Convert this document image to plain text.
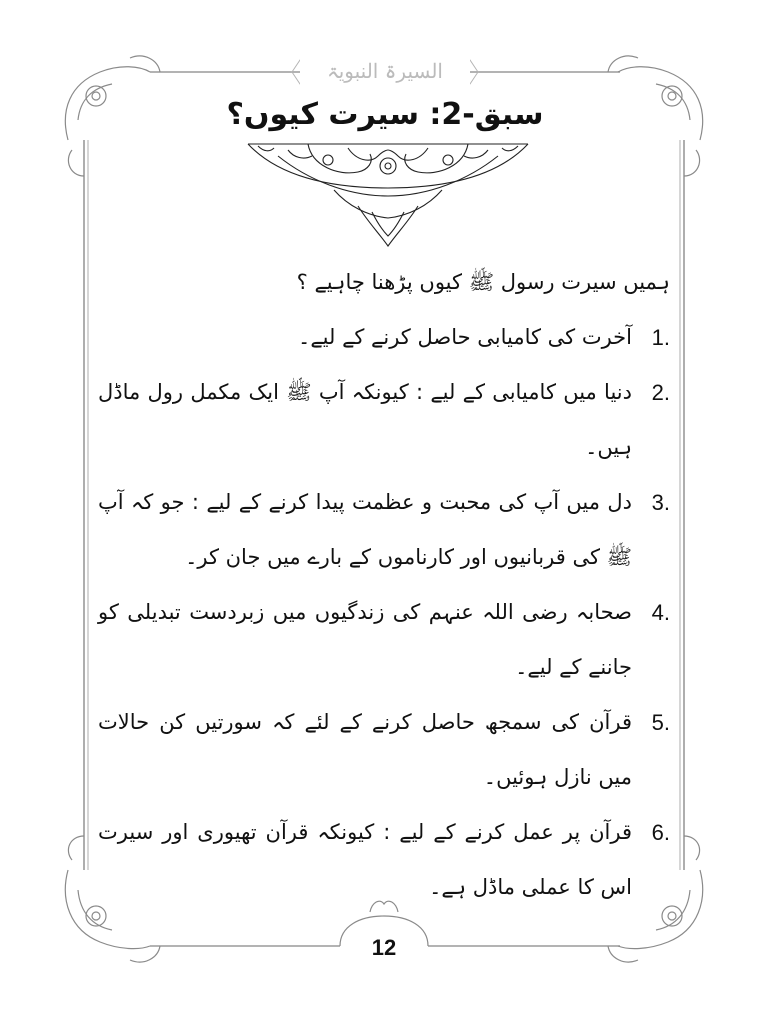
السیرۃ النبویۃ
سبق-2: سیرت کیوں؟
ہمیں سیرت رسول ﷺ کیوں پڑھنا چاہیے ؟
1.
آخرت کی کامیابی حاصل کرنے کے لیے۔
2.
دنیا میں کامیابی کے لیے : کیونکہ آپ ﷺ ایک مکمل رول ماڈل ہیں۔
3.
دل میں آپ کی محبت و عظمت پیدا کرنے کے لیے : جو کہ آپ ﷺ کی قربانیوں اور کارناموں کے بارے میں جان کر۔
4.
صحابہ رضی اللہ عنہم کی زندگیوں میں زبردست تبدیلی کو جاننے کے لیے۔
5.
قرآن کی سمجھ حاصل کرنے کے لئے کہ سورتیں کن حالات میں نازل ہوئیں۔
6.
قرآن پر عمل کرنے کے لیے : کیونکہ قرآن تھیوری اور سیرت اس کا عملی ماڈل ہے۔
12
